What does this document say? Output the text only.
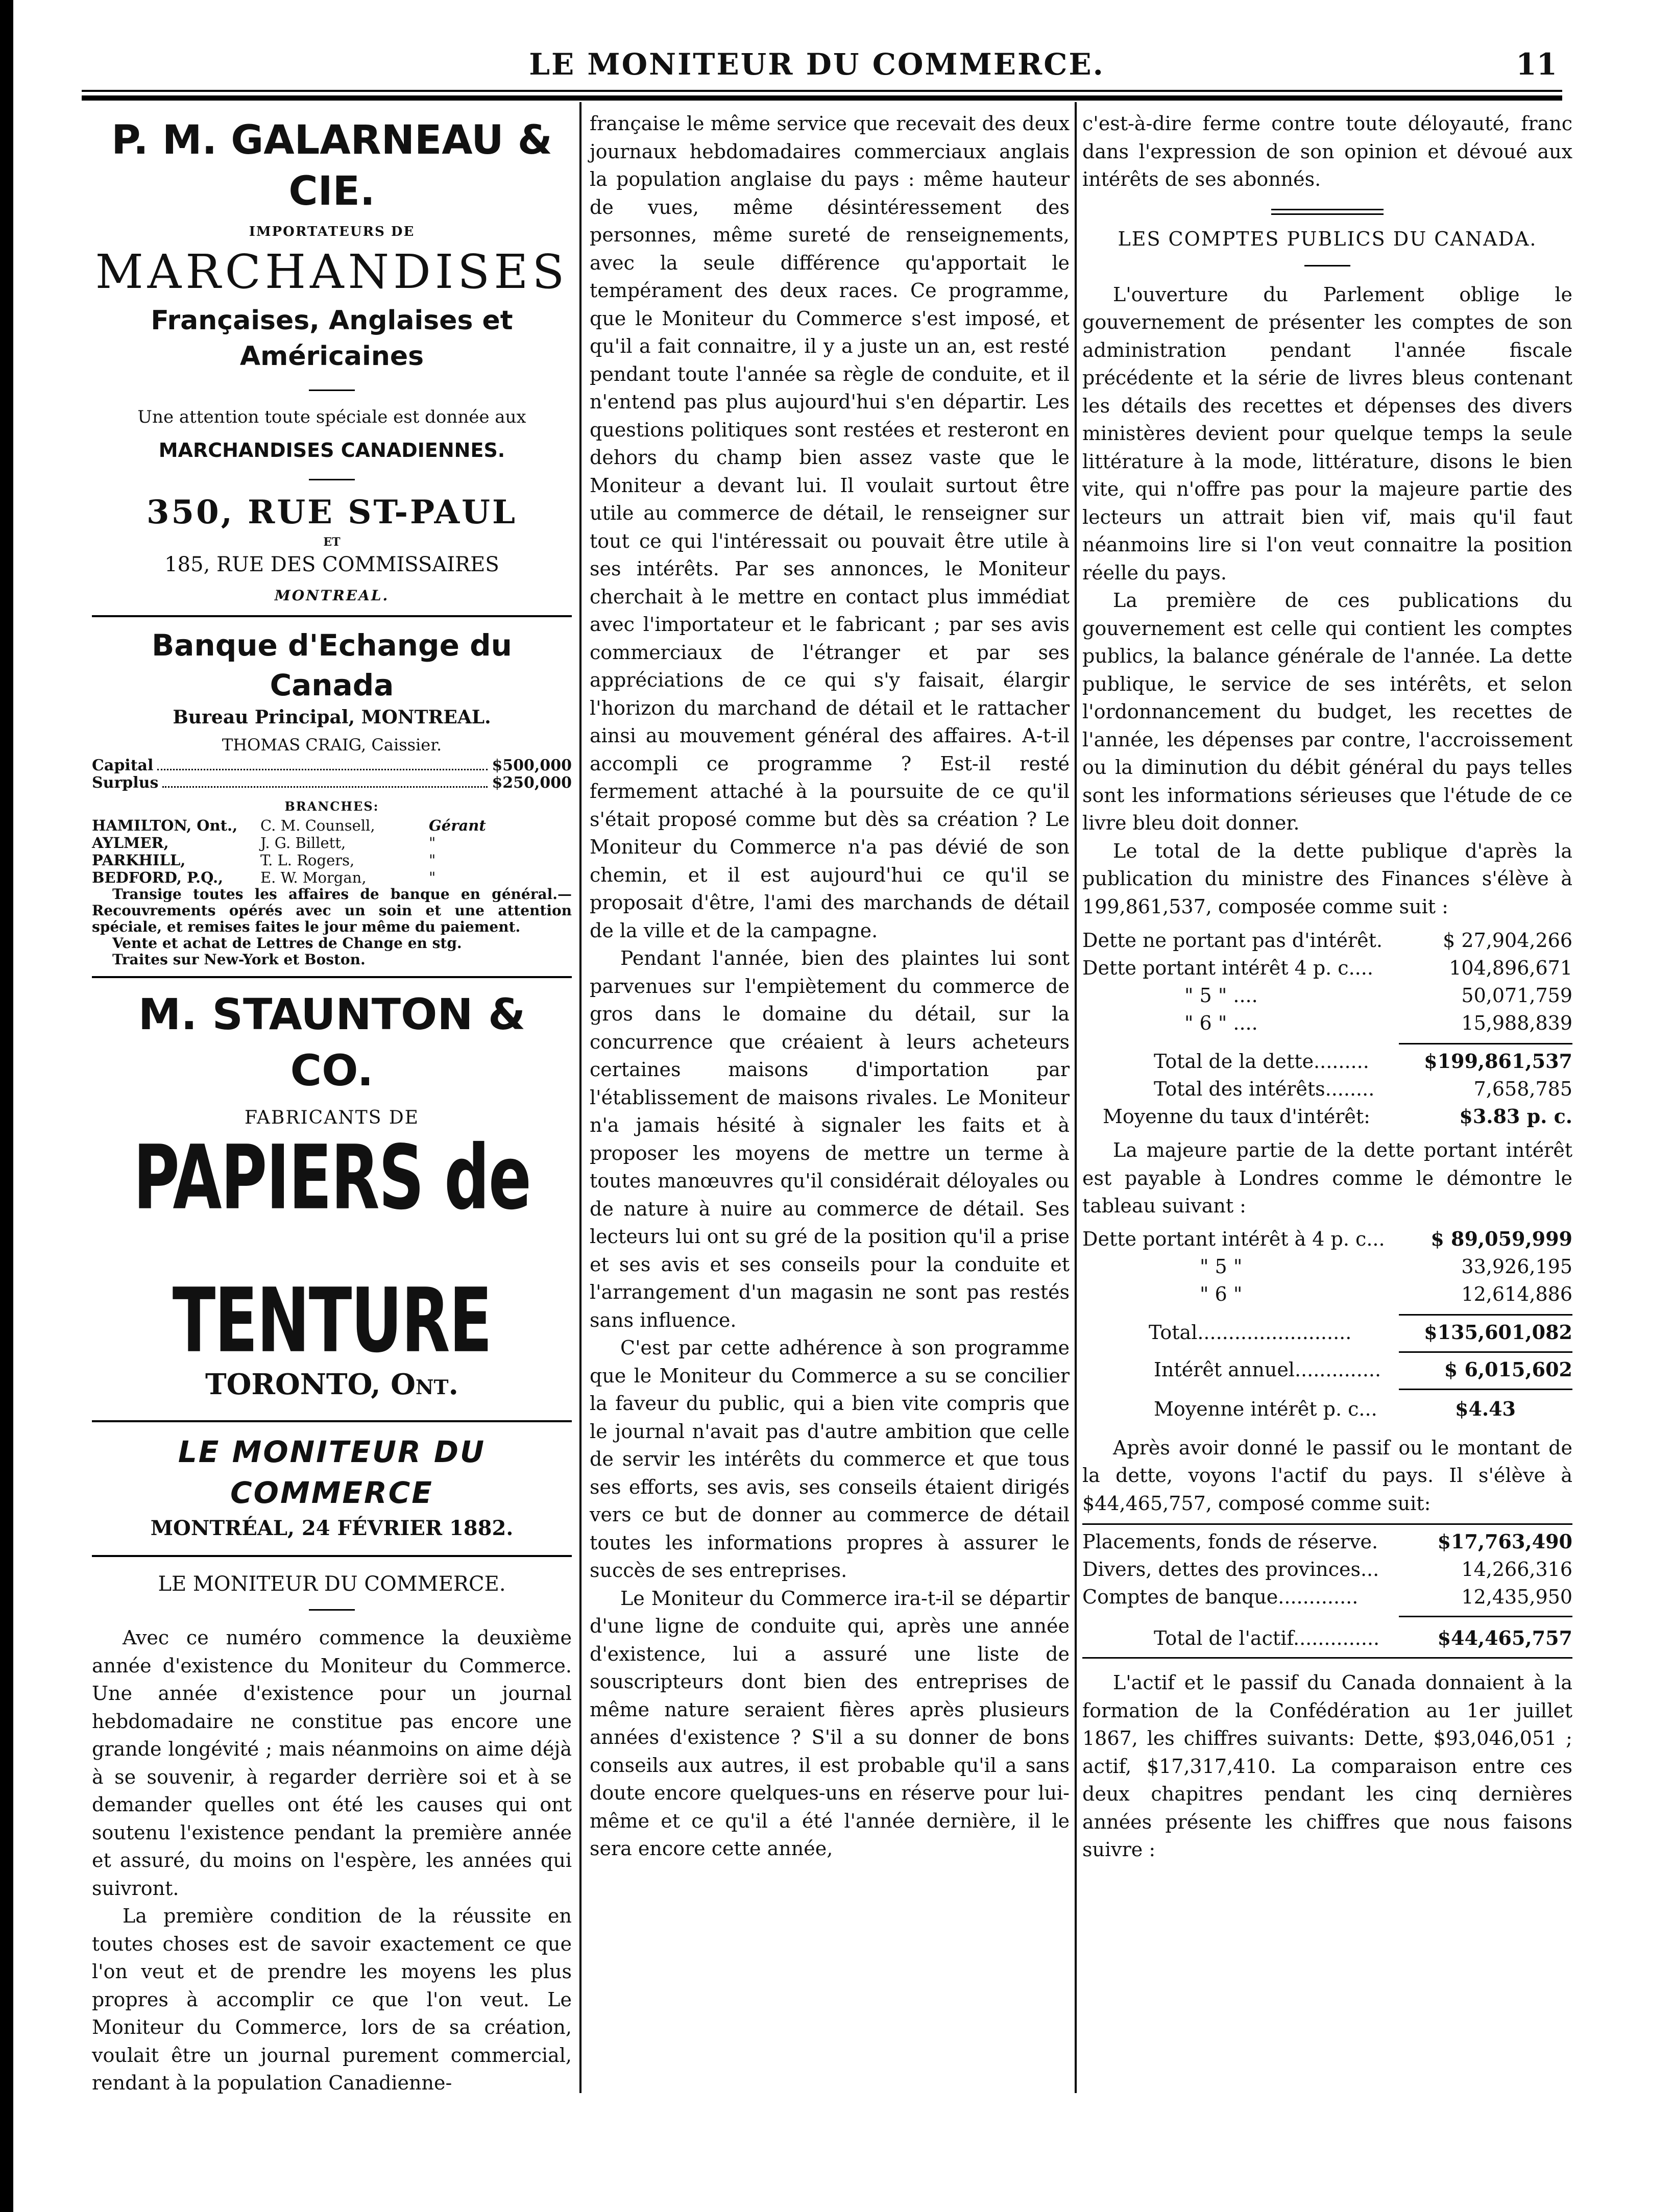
LE MONITEUR DU COMMERCE.	11
P. M. GALARNEAU & CIE.
IMPORTATEURS DE
MARCHANDISES
Françaises, Anglaises et Américaines
Une attention toute spéciale est donnée aux
MARCHANDISES CANADIENNES.
350, RUE ST-PAUL
ET
185, RUE DES COMMISSAIRES
MONTREAL.
Banque d'Echange du Canada
Bureau Principal, MONTREAL.
THOMAS CRAIG, Caissier.
Capital	$500,000
Surplus	$250,000
BRANCHES:
HAMILTON, Ont.,	C. M. Counsell,	Gérant
AYLMER,	J. G. Billett,	"
PARKHILL,	T. L. Rogers,	"
BEDFORD, P.Q.,	E. W. Morgan,	"
Transige toutes les affaires de banque en général.—Recouvrements opérés avec un soin et une attention spéciale, et remises faites le jour même du paiement.
Vente et achat de Lettres de Change en stg.
Traites sur New-York et Boston.
M. STAUNTON & CO.
FABRICANTS DE
PAPIERS de TENTURE
TORONTO, Ont.
LE MONITEUR DU COMMERCE
MONTRÉAL, 24 FÉVRIER 1882.
LE MONITEUR DU COMMERCE.

Avec ce numéro commence la deuxième année d'existence du Moniteur du Commerce. Une année d'existence pour un journal hebdomadaire ne constitue pas encore une grande longévité ; mais néanmoins on aime déjà à se souvenir, à regarder derrière soi et à se demander quelles ont été les causes qui ont soutenu l'existence pendant la première année et assuré, du moins on l'espère, les années qui suivront.

La première condition de la réussite en toutes choses est de savoir exactement ce que l'on veut et de prendre les moyens les plus propres à accomplir ce que l'on veut. Le Moniteur du Commerce, lors de sa création, voulait être un journal purement commercial, rendant à la population Canadienne-

française le même service que recevait des deux journaux hebdomadaires commerciaux anglais la population anglaise du pays : même hauteur de vues, même désintéressement des personnes, même sureté de renseignements, avec la seule différence qu'apportait le tempérament des deux races. Ce programme, que le Moniteur du Commerce s'est imposé, et qu'il a fait connaitre, il y a juste un an, est resté pendant toute l'année sa règle de conduite, et il n'entend pas plus aujourd'hui s'en départir. Les questions politiques sont restées et resteront en dehors du champ bien assez vaste que le Moniteur a devant lui. Il voulait surtout être utile au commerce de détail, le renseigner sur tout ce qui l'intéressait ou pouvait être utile à ses intérêts. Par ses annonces, le Moniteur cherchait à le mettre en contact plus immédiat avec l'importateur et le fabricant ; par ses avis commerciaux de l'étranger et par ses appréciations de ce qui s'y faisait, élargir l'horizon du marchand de détail et le rattacher ainsi au mouvement général des affaires. A-t-il accompli ce programme ? Est-il resté fermement attaché à la poursuite de ce qu'il s'était proposé comme but dès sa création ? Le Moniteur du Commerce n'a pas dévié de son chemin, et il est aujourd'hui ce qu'il se proposait d'être, l'ami des marchands de détail de la ville et de la campagne.

Pendant l'année, bien des plaintes lui sont parvenues sur l'empiètement du commerce de gros dans le domaine du détail, sur la concurrence que créaient à leurs acheteurs certaines maisons d'importation par l'établissement de maisons rivales. Le Moniteur n'a jamais hésité à signaler les faits et à proposer les moyens de mettre un terme à toutes manœuvres qu'il considérait déloyales ou de nature à nuire au commerce de détail. Ses lecteurs lui ont su gré de la position qu'il a prise et ses avis et ses conseils pour la conduite et l'arrangement d'un magasin ne sont pas restés sans influence.

C'est par cette adhérence à son programme que le Moniteur du Commerce a su se concilier la faveur du public, qui a bien vite compris que le journal n'avait pas d'autre ambition que celle de servir les intérêts du commerce et que tous ses efforts, ses avis, ses conseils étaient dirigés vers ce but de donner au commerce de détail toutes les informations propres à assurer le succès de ses entreprises.

Le Moniteur du Commerce ira-t-il se départir d'une ligne de conduite qui, après une année d'existence, lui a assuré une liste de souscripteurs dont bien des entreprises de même nature seraient fières après plusieurs années d'existence ? S'il a su donner de bons conseils aux autres, il est probable qu'il a sans doute encore quelques-uns en réserve pour lui-même et ce qu'il a été l'année dernière, il le sera encore cette année,

c'est-à-dire ferme contre toute déloyauté, franc dans l'expression de son opinion et dévoué aux intérêts de ses abonnés.

LES COMPTES PUBLICS DU CANADA.

L'ouverture du Parlement oblige le gouvernement de présenter les comptes de son administration pendant l'année fiscale précédente et la série de livres bleus contenant les détails des recettes et dépenses des divers ministères devient pour quelque temps la seule littérature à la mode, littérature, disons le bien vite, qui n'offre pas pour la majeure partie des lecteurs un attrait bien vif, mais qu'il faut néanmoins lire si l'on veut connaitre la position réelle du pays.

La première de ces publications du gouvernement est celle qui contient les comptes publics, la balance générale de l'année. La dette publique, le service de ses intérêts, et selon l'ordonnancement du budget, les recettes de l'année, les dépenses par contre, l'accroissement ou la diminution du débit général du pays telles sont les informations sérieuses que l'étude de ce livre bleu doit donner.

Le total de la dette publique d'après la publication du ministre des Finances s'élève à 199,861,537, composée comme suit :

Dette ne portant pas d'intérêt.	$ 27,904,266
Dette portant intérêt 4 p. c....	104,896,671
" 5 " ....	50,071,759
" 6 " ....	15,988,839
Total de la dette.........	$199,861,537
Total des intérêts........	7,658,785
Moyenne du taux d'intérêt:	$3.83 p. c.

La majeure partie de la dette portant intérêt est payable à Londres comme le démontre le tableau suivant :

Dette portant intérêt à 4 p. c...	$ 89,059,999
" 5 "	33,926,195
" 6 "	12,614,886
Total.........................	$135,601,082
Intérêt annuel..............	$ 6,015,602
Moyenne intérêt p. c...	$4.43

Après avoir donné le passif ou le montant de la dette, voyons l'actif du pays. Il s'élève à $44,465,757, composé comme suit:

Placements, fonds de réserve.	$17,763,490
Divers, dettes des provinces...	14,266,316
Comptes de banque.............	12,435,950
Total de l'actif..............	$44,465,757

L'actif et le passif du Canada donnaient à la formation de la Confédération au 1er juillet 1867, les chiffres suivants: Dette, $93,046,051 ; actif, $17,317,410. La comparaison entre ces deux chapitres pendant les cinq dernières années présente les chiffres que nous faisons suivre :
